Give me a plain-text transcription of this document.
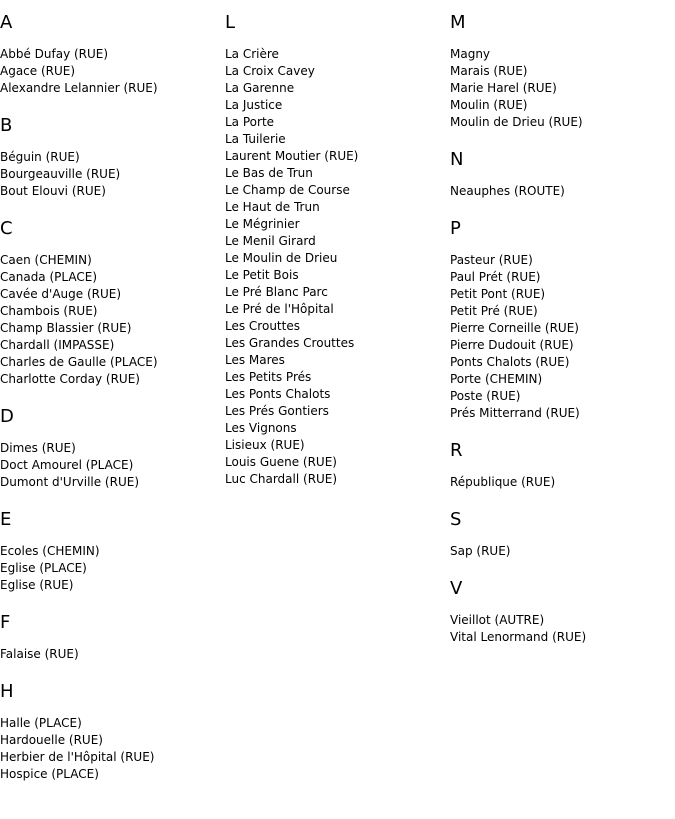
A
Abbé Dufay (RUE)
Agace (RUE)
Alexandre Lelannier (RUE)
B
Béguin (RUE)
Bourgeauville (RUE)
Bout Elouvi (RUE)
C
Caen (CHEMIN)
Canada (PLACE)
Cavée d'Auge (RUE)
Chambois (RUE)
Champ Blassier (RUE)
Chardall (IMPASSE)
Charles de Gaulle (PLACE)
Charlotte Corday (RUE)
D
Dimes (RUE)
Doct Amourel (PLACE)
Dumont d'Urville (RUE)
E
Ecoles (CHEMIN)
Eglise (PLACE)
Eglise (RUE)
F
Falaise (RUE)
H
Halle (PLACE)
Hardouelle (RUE)
Herbier de l'Hôpital (RUE)
Hospice (PLACE)
L
La Crière
La Croix Cavey
La Garenne
La Justice
La Porte
La Tuilerie
Laurent Moutier (RUE)
Le Bas de Trun
Le Champ de Course
Le Haut de Trun
Le Mégrinier
Le Menil Girard
Le Moulin de Drieu
Le Petit Bois
Le Pré Blanc Parc
Le Pré de l'Hôpital
Les Crouttes
Les Grandes Crouttes
Les Mares
Les Petits Prés
Les Ponts Chalots
Les Prés Gontiers
Les Vignons
Lisieux (RUE)
Louis Guene (RUE)
Luc Chardall (RUE)
M
Magny
Marais (RUE)
Marie Harel (RUE)
Moulin (RUE)
Moulin de Drieu (RUE)
N
Neauphes (ROUTE)
P
Pasteur (RUE)
Paul Prét (RUE)
Petit Pont (RUE)
Petit Pré (RUE)
Pierre Corneille (RUE)
Pierre Dudouit (RUE)
Ponts Chalots (RUE)
Porte (CHEMIN)
Poste (RUE)
Prés Mitterrand (RUE)
R
République (RUE)
S
Sap (RUE)
V
Vieillot (AUTRE)
Vital Lenormand (RUE)
